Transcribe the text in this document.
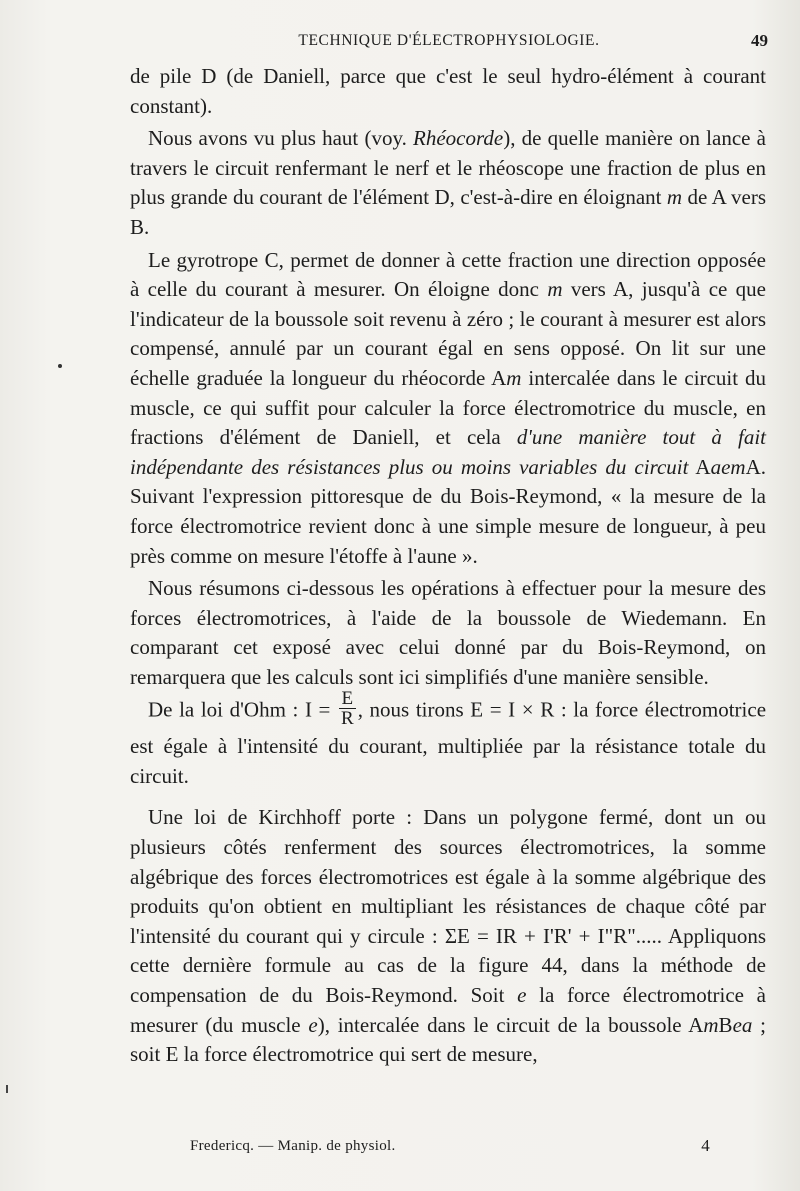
TECHNIQUE D'ÉLECTROPHYSIOLOGIE.	49

de pile D (de Daniell, parce que c'est le seul hydro-élément à courant constant).

Nous avons vu plus haut (voy. Rhéocorde), de quelle manière on lance à travers le circuit renfermant le nerf et le rhéoscope une fraction de plus en plus grande du courant de l'élément D, c'est-à-dire en éloignant m de A vers B.

Le gyrotrope C, permet de donner à cette fraction une direction opposée à celle du courant à mesurer. On éloigne donc m vers A, jusqu'à ce que l'indicateur de la boussole soit revenu à zéro ; le courant à mesurer est alors compensé, annulé par un courant égal en sens opposé. On lit sur une échelle graduée la longueur du rhéocorde Am intercalée dans le circuit du muscle, ce qui suffit pour calculer la force électromotrice du muscle, en fractions d'élément de Daniell, et cela d'une manière tout à fait indépendante des résistances plus ou moins variables du circuit AaemA. Suivant l'expression pittoresque de du Bois-Reymond, « la mesure de la force électromotrice revient donc à une simple mesure de longueur, à peu près comme on mesure l'étoffe à l'aune ».

Nous résumons ci-dessous les opérations à effectuer pour la mesure des forces électromotrices, à l'aide de la boussole de Wiedemann. En comparant cet exposé avec celui donné par du Bois-Reymond, on remarquera que les calculs sont ici simplifiés d'une manière sensible.

De la loi d'Ohm : $I = \frac{E}{R}$ , nous tirons E = I × R : la force électromotrice est égale à l'intensité du courant, multipliée par la résistance totale du circuit.

Une loi de Kirchhoff porte : Dans un polygone fermé, dont un ou plusieurs côtés renferment des sources électromotrices, la somme algébrique des forces électromotrices est égale à la somme algébrique des produits qu'on obtient en multipliant les résistances de chaque côté par l'intensité du courant qui y circule : ΣE = IR + I'R' + I"R"..... Appliquons cette dernière formule au cas de la figure 44, dans la méthode de compensation de du Bois-Reymond. Soit e la force électromotrice à mesurer (du muscle e), intercalée dans le circuit de la boussole AmBea ; soit E la force électromotrice qui sert de mesure,

Fredericq. — Manip. de physiol.	4
